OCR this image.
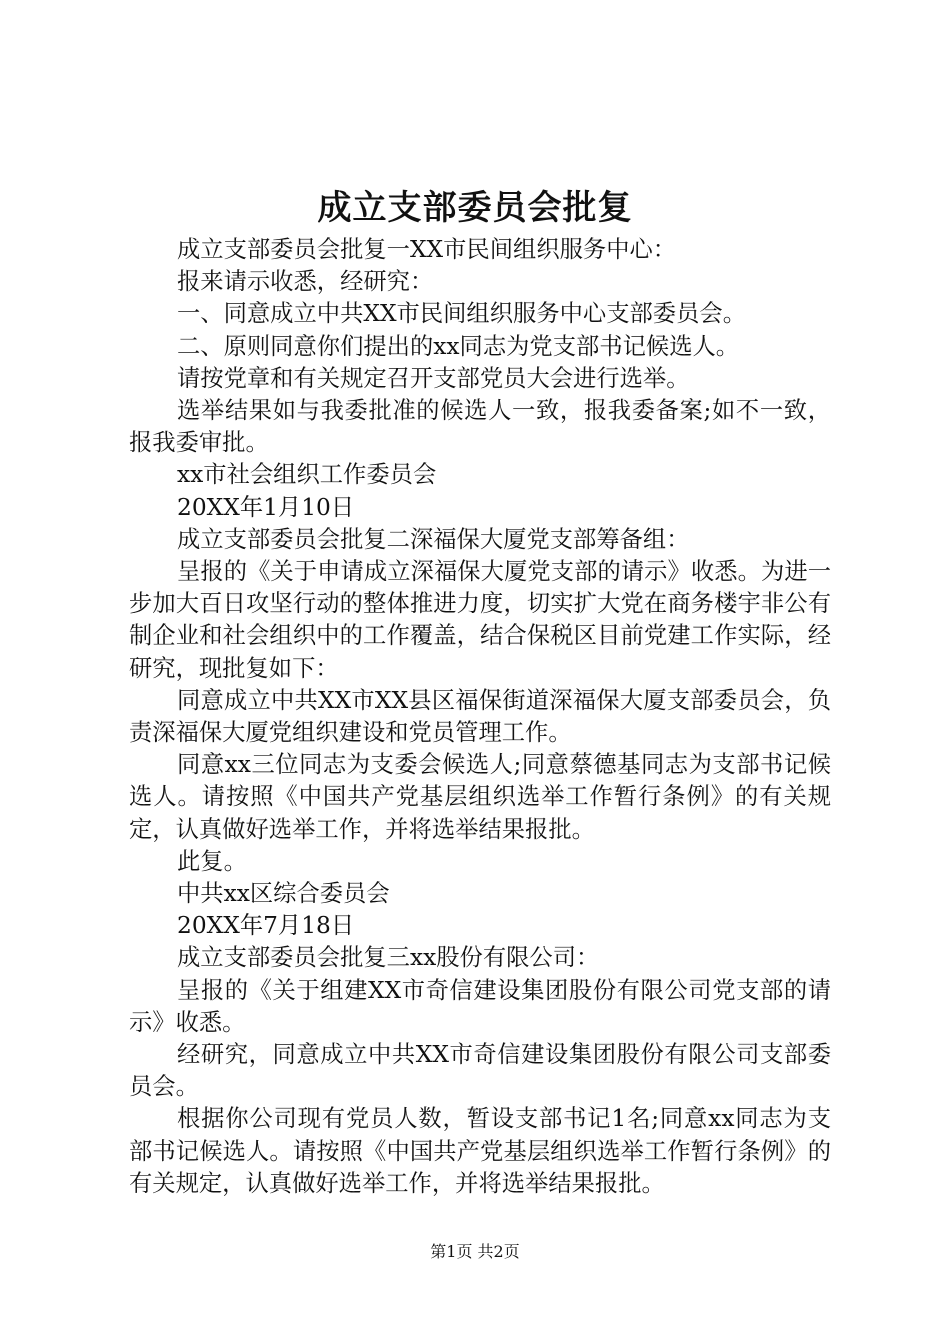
成立支部委员会批复

成立支部委员会批复一XX市民间组织服务中心：

报来请示收悉，经研究：

一、同意成立中共XX市民间组织服务中心支部委员会。

二、原则同意你们提出的xx同志为党支部书记候选人。

请按党章和有关规定召开支部党员大会进行选举。

选举结果如与我委批准的候选人一致，报我委备案;如不一致，报我委审批。

xx市社会组织工作委员会

20XX年1月10日

成立支部委员会批复二深福保大厦党支部筹备组：

呈报的《关于申请成立深福保大厦党支部的请示》收悉。为进一步加大百日攻坚行动的整体推进力度，切实扩大党在商务楼宇非公有制企业和社会组织中的工作覆盖，结合保税区目前党建工作实际，经研究，现批复如下：

同意成立中共XX市XX县区福保街道深福保大厦支部委员会，负责深福保大厦党组织建设和党员管理工作。

同意xx三位同志为支委会候选人;同意蔡德基同志为支部书记候选人。请按照《中国共产党基层组织选举工作暂行条例》的有关规定，认真做好选举工作，并将选举结果报批。

此复。

中共xx区综合委员会

20XX年7月18日

成立支部委员会批复三xx股份有限公司：

呈报的《关于组建XX市奇信建设集团股份有限公司党支部的请示》收悉。

经研究，同意成立中共XX市奇信建设集团股份有限公司支部委员会。

根据你公司现有党员人数，暂设支部书记1名;同意xx同志为支部书记候选人。请按照《中国共产党基层组织选举工作暂行条例》的有关规定，认真做好选举工作，并将选举结果报批。

第1页 共2页
